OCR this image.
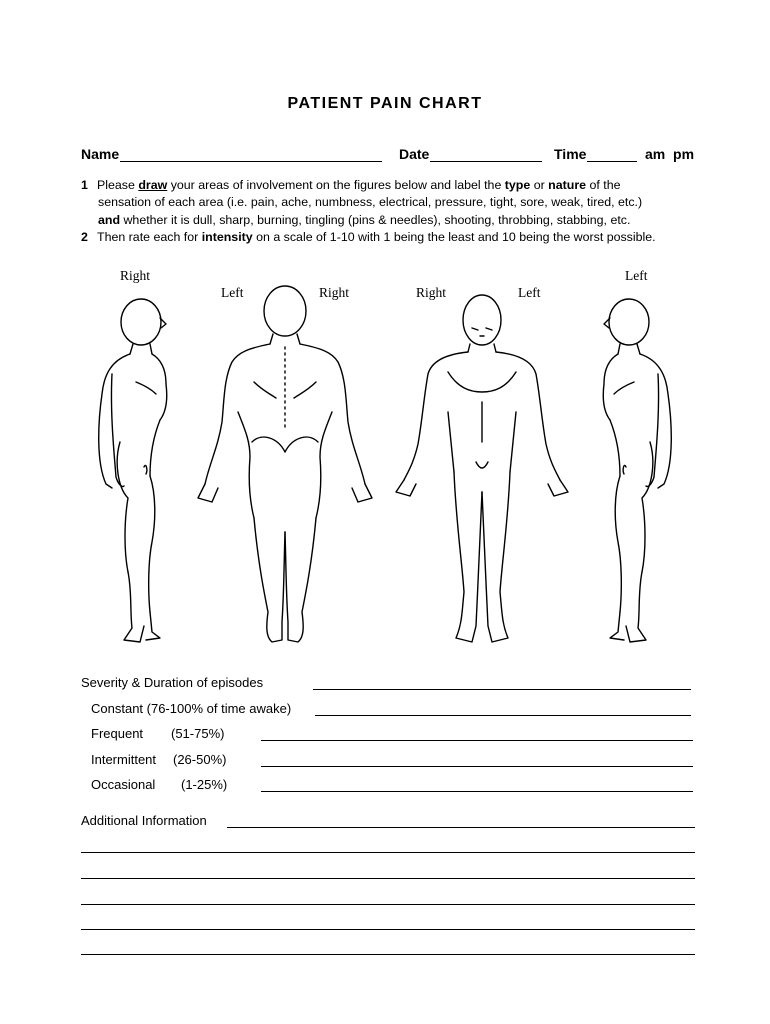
PATIENT PAIN CHART
Name	Date	Time	am  pm
1 Please draw your areas of involvement on the figures below and label the type or nature of the
sensation of each area (i.e. pain, ache, numbness, electrical, pressure, tight, sore, weak, tired, etc.)
and whether it is dull, sharp, burning, tingling (pins & needles), shooting, throbbing, stabbing, etc.
2 Then rate each for intensity on a scale of 1-10 with 1 being the least and 10 being the worst possible.
Right
Left	Right	Right	Left
Left
Severity & Duration of episodes
Constant (76-100% of time awake)
Frequent (51-75%)
Intermittent (26-50%)
Occasional (1-25%)
Additional Information
